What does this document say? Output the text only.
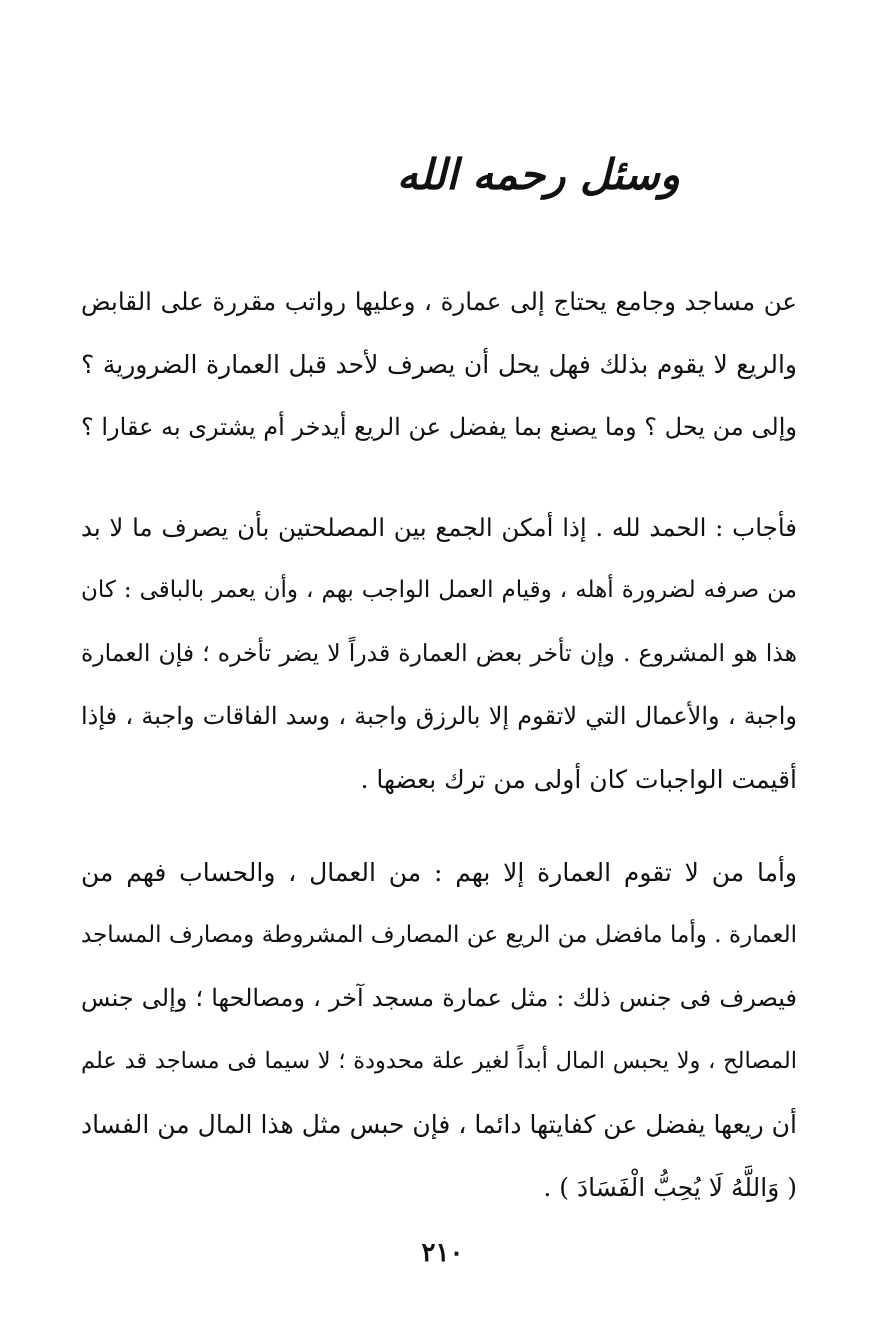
وسئل رحمه الله
عن مساجد وجامع يحتاج إلى عمارة ، وعليها رواتب مقررة على القابض
والريع لا يقوم بذلك فهل يحل أن يصرف لأحد قبل العمارة الضرورية ؟
وإلى من يحل ؟ وما يصنع بما يفضل عن الريع أيدخر أم يشترى به عقارا ؟
فأجاب : الحمد لله . إذا أمكن الجمع بين المصلحتين بأن يصرف ما لا بد
من صرفه لضرورة أهله ، وقيام العمل الواجب بهم ، وأن يعمر بالباقى : كان
هذا هو المشروع . وإن تأخر بعض العمارة قدراً لا يضر تأخره ؛ فإن العمارة
واجبة ، والأعمال التي لاتقوم إلا بالرزق واجبة ، وسد الفاقات واجبة ، فإذا
أقيمت الواجبات كان أولى من ترك بعضها .
وأما من لا تقوم العمارة إلا بهم : من العمال ، والحساب فهم من
العمارة . وأما مافضل من الريع عن المصارف المشروطة ومصارف المساجد
فيصرف فى جنس ذلك : مثل عمارة مسجد آخر ، ومصالحها ؛ وإلى جنس
المصالح ، ولا يحبس المال أبداً لغير علة محدودة ؛ لا سيما فى مساجد قد علم
أن ريعها يفضل عن كفايتها دائما ، فإن حبس مثل هذا المال من الفساد
( وَاللَّهُ لَا يُحِبُّ الْفَسَادَ ) .
٢١٠
